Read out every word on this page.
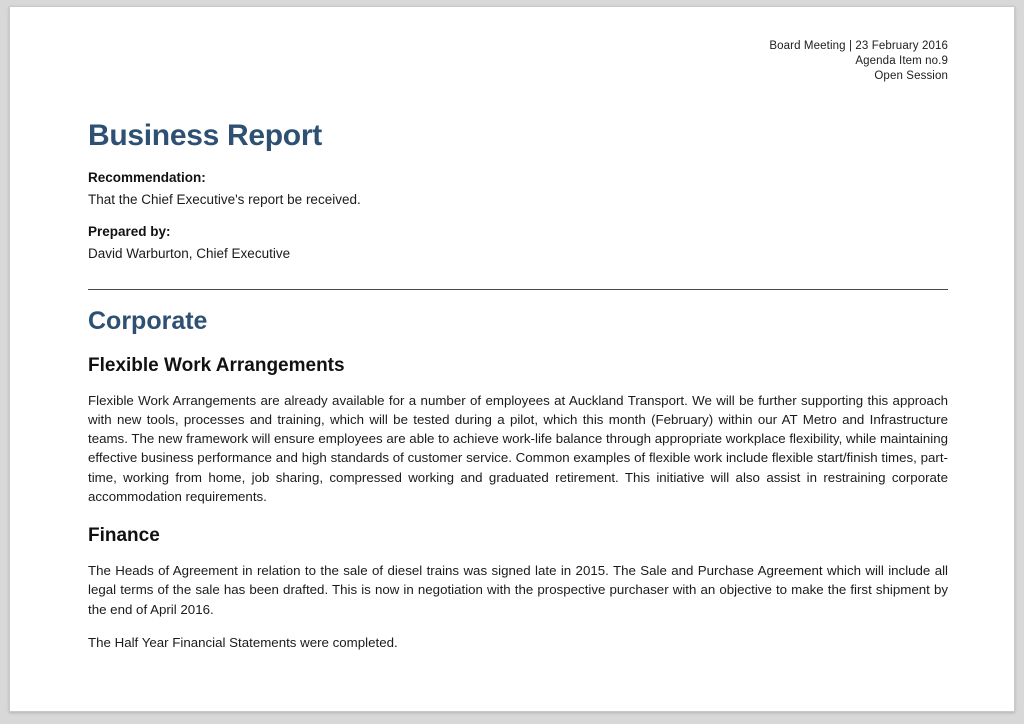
Board Meeting | 23 February 2016
Agenda Item no.9
Open Session
Business Report
Recommendation:
That the Chief Executive's report be received.
Prepared by:
David Warburton, Chief Executive
Corporate
Flexible Work Arrangements

Flexible Work Arrangements are already available for a number of employees at Auckland Transport. We will be further supporting this approach with new tools, processes and training, which will be tested during a pilot, which this month (February) within our AT Metro and Infrastructure teams. The new framework will ensure employees are able to achieve work-life balance through appropriate workplace flexibility, while maintaining effective business performance and high standards of customer service. Common examples of flexible work include flexible start/finish times, part-time, working from home, job sharing, compressed working and graduated retirement. This initiative will also assist in restraining corporate accommodation requirements.

Finance

The Heads of Agreement in relation to the sale of diesel trains was signed late in 2015. The Sale and Purchase Agreement which will include all legal terms of the sale has been drafted. This is now in negotiation with the prospective purchaser with an objective to make the first shipment by the end of April 2016.

The Half Year Financial Statements were completed.
